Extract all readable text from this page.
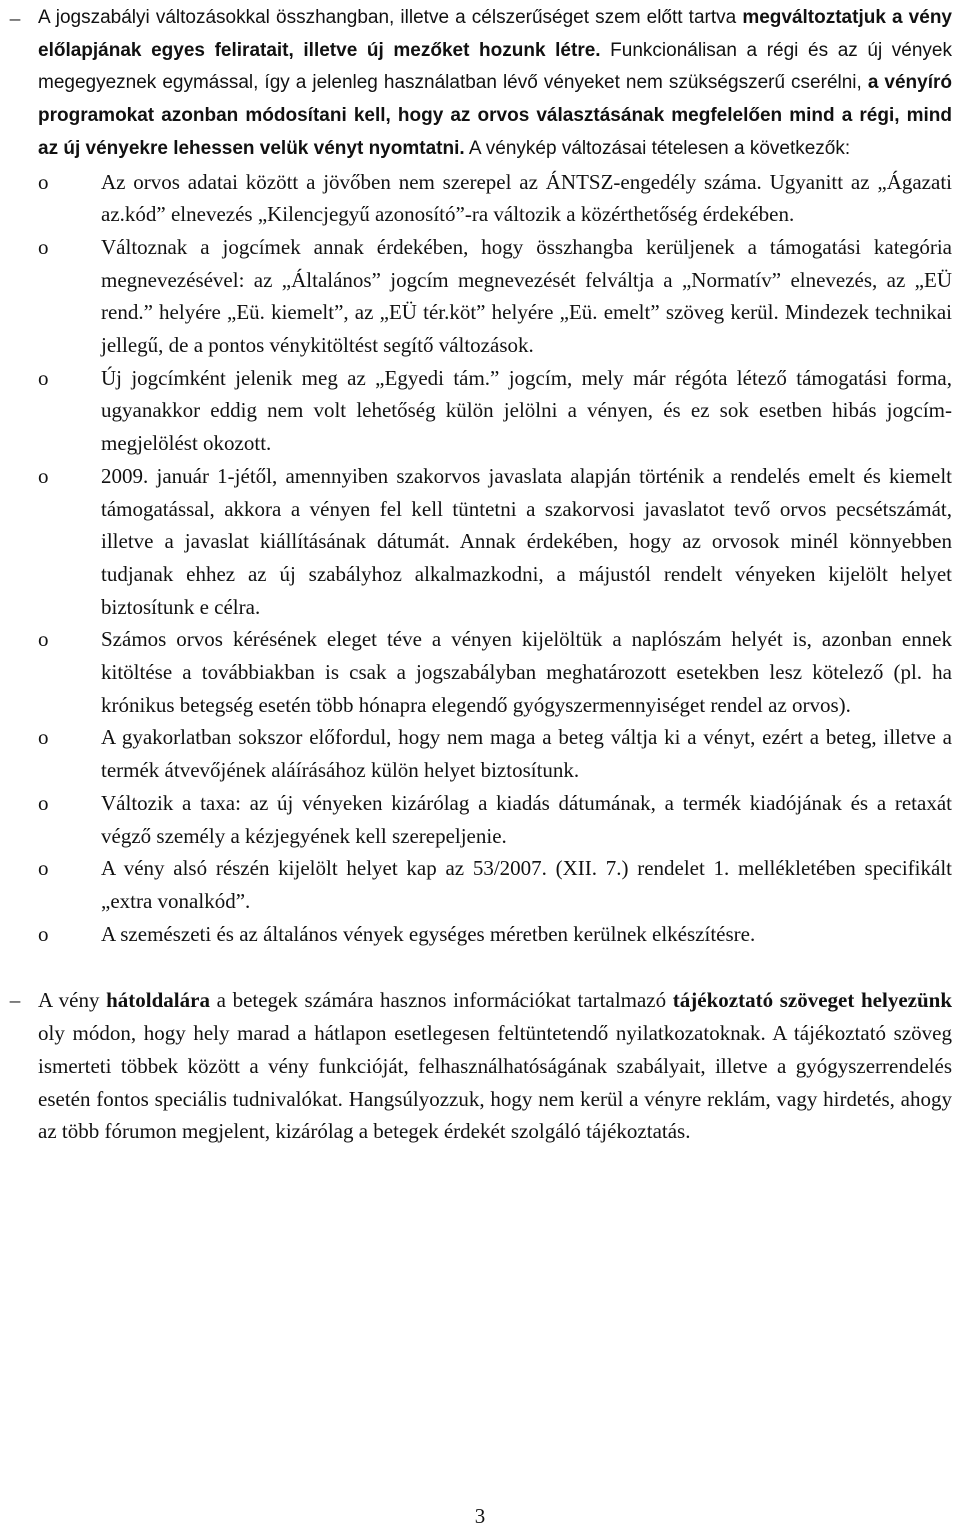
– A jogszabályi változásokkal összhangban, illetve a célszerűséget szem előtt tartva megváltoztatjuk a vény előlapjának egyes feliratait, illetve új mezőket hozunk létre. Funkcionálisan a régi és az új vények megegyeznek egymással, így a jelenleg használatban lévő vényeket nem szükségszerű cserélni, a vényíró programokat azonban módosítani kell, hogy az orvos választásának megfelelően mind a régi, mind az új vényekre lehessen velük vényt nyomtatni. A vénykép változásai tételesen a következők:
o	Az orvos adatai között a jövőben nem szerepel az ÁNTSZ-engedély száma. Ugyanitt az „Ágazati az.kód” elnevezés „Kilencjegyű azonosító”-ra változik a közérthetőség érdekében.
o	Változnak a jogcímek annak érdekében, hogy összhangba kerüljenek a támogatási kategória megnevezésével: az „Általános” jogcím megnevezését felváltja a „Normatív” elnevezés, az „EÜ rend.” helyére „Eü. kiemelt”, az „EÜ tér.köt” helyére „Eü. emelt” szöveg kerül. Mindezek technikai jellegű, de a pontos vénykitöltést segítő változások.
o	Új jogcímként jelenik meg az „Egyedi tám.” jogcím, mely már régóta létező támogatási forma, ugyanakkor eddig nem volt lehetőség külön jelölni a vényen, és ez sok esetben hibás jogcím-megjelölést okozott.
o	2009. január 1-jétől, amennyiben szakorvos javaslata alapján történik a rendelés emelt és kiemelt támogatással, akkora a vényen fel kell tüntetni a szakorvosi javaslatot tevő orvos pecsétszámát, illetve a javaslat kiállításának dátumát. Annak érdekében, hogy az orvosok minél könnyebben tudjanak ehhez az új szabályhoz alkalmazkodni, a májustól rendelt vényeken kijelölt helyet biztosítunk e célra.
o	Számos orvos kérésének eleget téve a vényen kijelöltük a naplószám helyét is, azonban ennek kitöltése a továbbiakban is csak a jogszabályban meghatározott esetekben lesz kötelező (pl. ha krónikus betegség esetén több hónapra elegendő gyógyszermennyiséget rendel az orvos).
o	A gyakorlatban sokszor előfordul, hogy nem maga a beteg váltja ki a vényt, ezért a beteg, illetve a termék átvevőjének aláírásához külön helyet biztosítunk.
o	Változik a taxa: az új vényeken kizárólag a kiadás dátumának, a termék kiadójának és a retaxát végző személy a kézjegyének kell szerepeljenie.
o	A vény alsó részén kijelölt helyet kap az 53/2007. (XII. 7.) rendelet 1. mellékletében specifikált „extra vonalkód”.
o	A szemészeti és az általános vények egységes méretben kerülnek elkészítésre.
– A vény hátoldalára a betegek számára hasznos információkat tartalmazó tájékoztató szöveget helyezünk oly módon, hogy hely marad a hátlapon esetlegesen feltüntetendő nyilatkozatoknak. A tájékoztató szöveg ismerteti többek között a vény funkcióját, felhasználhatóságának szabályait, illetve a gyógyszerrendelés esetén fontos speciális tudnivalókat. Hangsúlyozzuk, hogy nem kerül a vényre reklám, vagy hirdetés, ahogy az több fórumon megjelent, kizárólag a betegek érdekét szolgáló tájékoztatás.
3
